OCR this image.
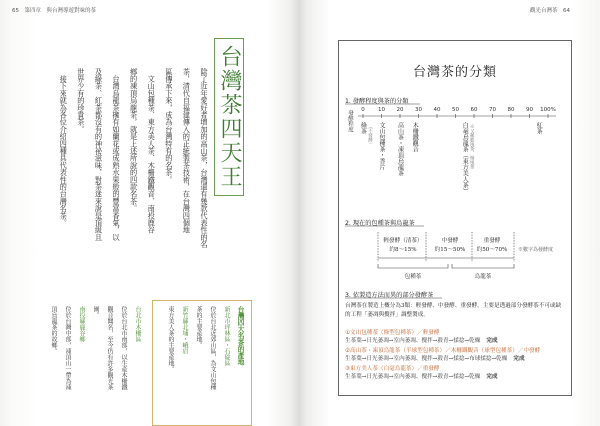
65　第四章　與台灣導遊對味的茶
台灣茶四天王
除了近年愛好者增加的高山茶，台灣還有幾款代表性的名
茶，清代自福建傳入的正統製茶技術，在台灣四個地
區傳承下來，成為台灣特有的名茶。
　文山包種茶、東方美人茶、木柵鐵觀音、南投鹿谷
鄉的凍頂烏龍茶，就是上述所說的四款名茶。
　台灣烏龍茶擁有如蘭花或成熟水果般的豐富香氣，以
及綠茶、紅茶都沒有的神祕滋味，對茶迷來說是頂級且
世界少有的珍貴茶。
　接下來就為各位介紹四種具代表性的台灣名茶。
台灣四大名茶的產地
新北市坪林區・石碇區
位於台北近郊山區，為文山包種
茶的主要產地。
新竹縣北埔・峨眉
東方美人茶的主要產地。
台北市木柵區
位於台北市南部，以生產木柵鐵
觀音聞名，至今仍有許多觀光茶
園。
南投縣鹿谷鄉
位於台灣中部，凍頂山一帶為凍
頂烏龍茶的故鄉。
觀光台灣茶　64
台灣茶的分類
1. 發酵程度與茶的分類
發酵程度 0 10 20 30 40 50 60 70 80 90 100%
綠茶 （不發酵） 文山包種茶・香片 高山茶・凍頂烏龍茶 木柵鐵觀音	白毫烏龍茶（東方美人茶） ※又稱膨風茶、椪風茶	紅茶
2. 現在的包種茶與烏龍茶
輕發酵（清茶）
約8～15%
中發酵
約15～50%
重發酵
約50～70% ※數字為發酵度
包種茶	烏龍茶
3. 依製造方法而異的部分發酵茶
台灣茶在製造上概分為3類：輕發酵、中發酵、重發酵。主要是透過部分發酵茶不可或缺的工程「萎凋與攪拌」調整製成。
①文山包種茶（條型包種茶）／輕發酵
生茶葉→日光萎凋→室內萎凋、攪拌→殺青→揉捻→乾燥 完成
②高山茶・凍頂烏龍茶（半球型包種茶）／木柵鐵觀音（球型包種茶）／中發酵
生茶葉→日光萎凋→室內萎凋、攪拌→殺青→揉捻→布球揉捻→乾燥 完成
③東方美人茶（白毫烏龍茶）／重發酵
生茶葉→日光萎凋→室內萎凋、攪拌→殺青→揉捻→乾燥 完成
